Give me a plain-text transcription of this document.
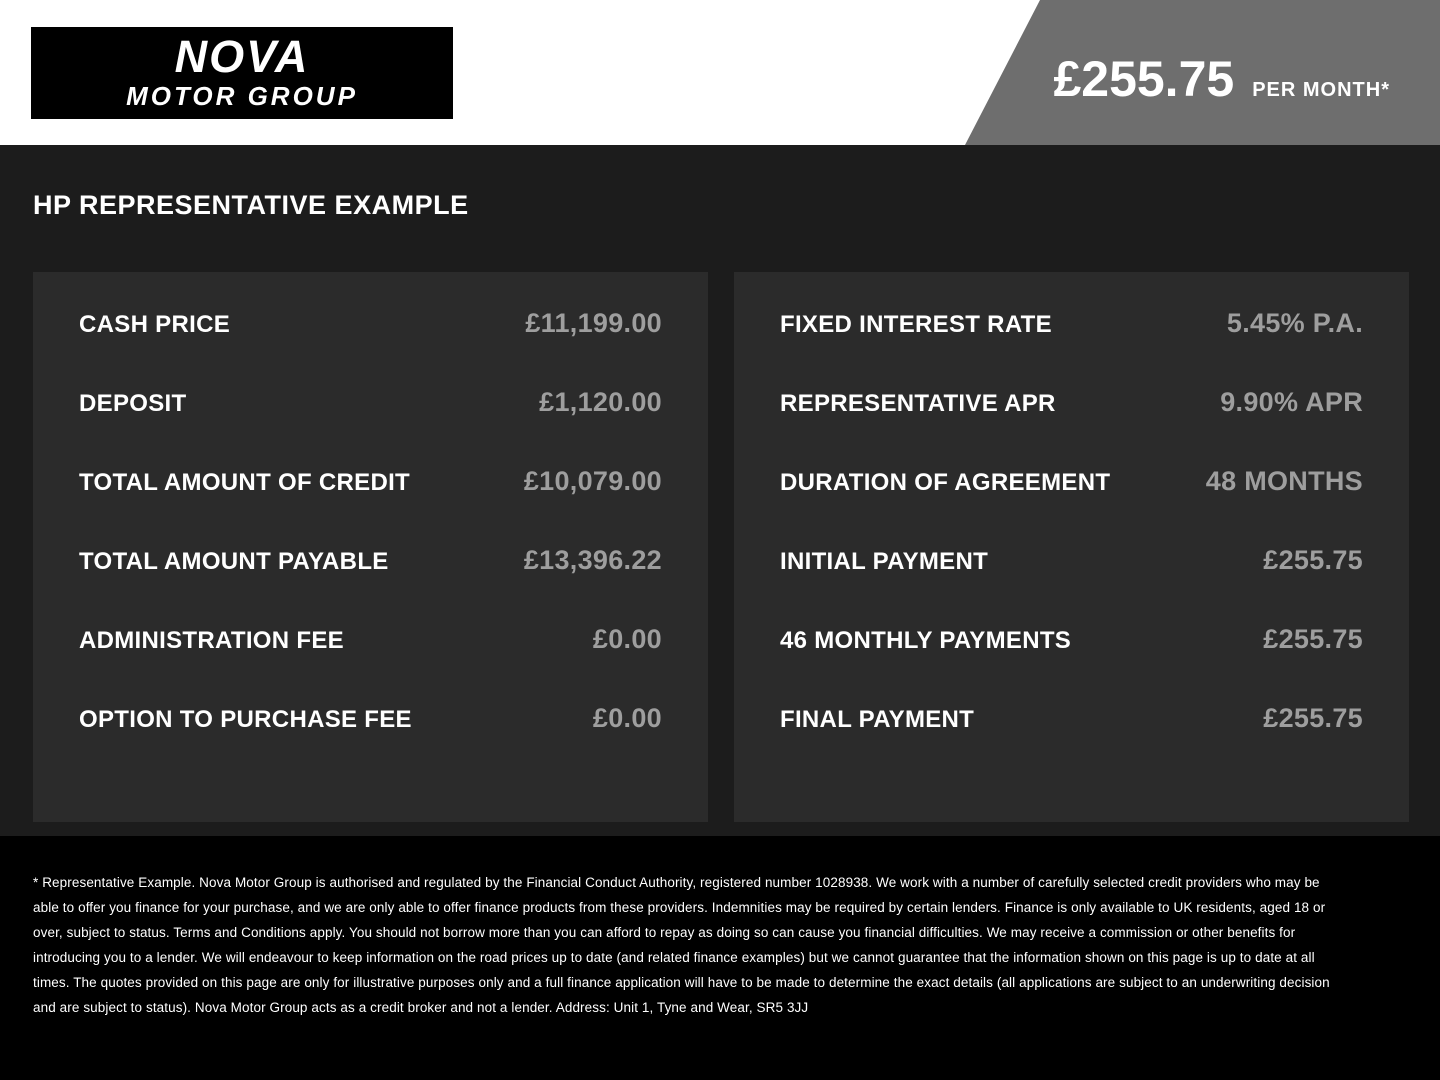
NOVA
MOTOR GROUP	£255.75 PER MONTH*
HP REPRESENTATIVE EXAMPLE
CASH PRICE	£11,199.00
DEPOSIT	£1,120.00
TOTAL AMOUNT OF CREDIT	£10,079.00
TOTAL AMOUNT PAYABLE	£13,396.22
ADMINISTRATION FEE	£0.00
OPTION TO PURCHASE FEE	£0.00
FIXED INTEREST RATE	5.45% P.A.
REPRESENTATIVE APR	9.90% APR
DURATION OF AGREEMENT	48 MONTHS
INITIAL PAYMENT	£255.75
46 MONTHLY PAYMENTS	£255.75
FINAL PAYMENT	£255.75

* Representative Example. Nova Motor Group is authorised and regulated by the Financial Conduct Authority, registered number 1028938. We work with a number of carefully selected credit providers who may be able to offer you finance for your purchase, and we are only able to offer finance products from these providers. Indemnities may be required by certain lenders. Finance is only available to UK residents, aged 18 or over, subject to status. Terms and Conditions apply. You should not borrow more than you can afford to repay as doing so can cause you financial difficulties. We may receive a commission or other benefits for introducing you to a lender. We will endeavour to keep information on the road prices up to date (and related finance examples) but we cannot guarantee that the information shown on this page is up to date at all times. The quotes provided on this page are only for illustrative purposes only and a full finance application will have to be made to determine the exact details (all applications are subject to an underwriting decision and are subject to status). Nova Motor Group acts as a credit broker and not a lender. Address: Unit 1, Tyne and Wear, SR5 3JJ
